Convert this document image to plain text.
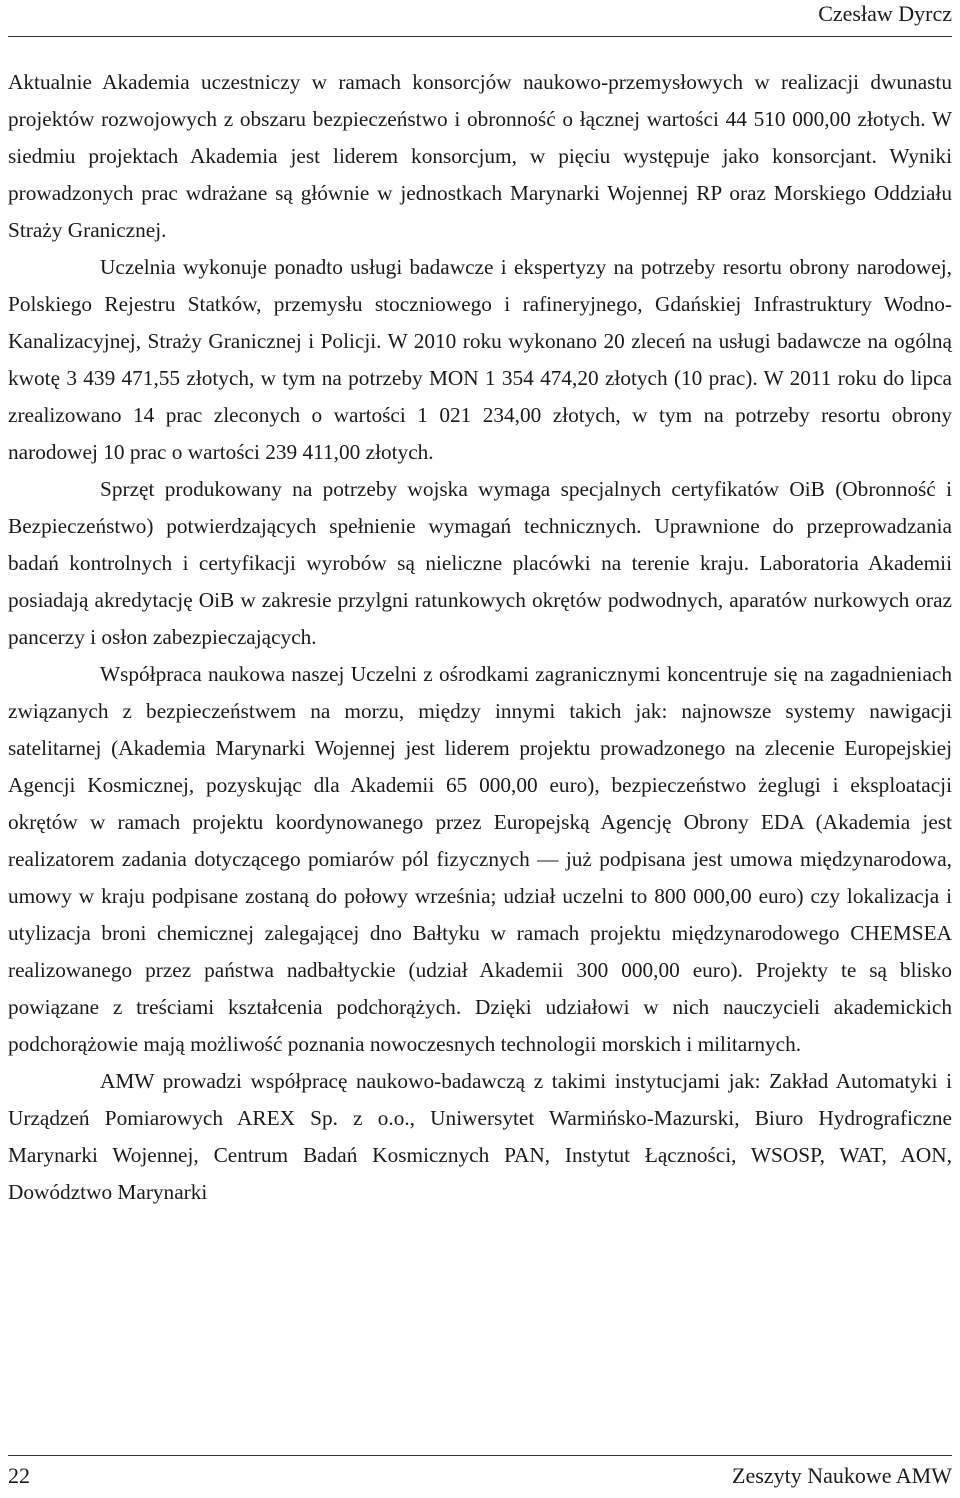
Czesław Dyrcz

Aktualnie Akademia uczestniczy w ramach konsorcjów naukowo-przemysłowych w realizacji dwunastu projektów rozwojowych z obszaru bezpieczeństwo i obronność o łącznej wartości 44 510 000,00 złotych. W siedmiu projektach Akademia jest liderem konsorcjum, w pięciu występuje jako konsorcjant. Wyniki prowadzonych prac wdrażane są głównie w jednostkach Marynarki Wojennej RP oraz Morskiego Oddziału Straży Granicznej.

Uczelnia wykonuje ponadto usługi badawcze i ekspertyzy na potrzeby resortu obrony narodowej, Polskiego Rejestru Statków, przemysłu stoczniowego i rafineryjnego, Gdańskiej Infrastruktury Wodno-Kanalizacyjnej, Straży Granicznej i Policji. W 2010 roku wykonano 20 zleceń na usługi badawcze na ogólną kwotę 3 439 471,55 złotych, w tym na potrzeby MON 1 354 474,20 złotych (10 prac). W 2011 roku do lipca zrealizowano 14 prac zleconych o wartości 1 021 234,00 złotych, w tym na potrzeby resortu obrony narodowej 10 prac o wartości 239 411,00 złotych.

Sprzęt produkowany na potrzeby wojska wymaga specjalnych certyfikatów OiB (Obronność i Bezpieczeństwo) potwierdzających spełnienie wymagań technicznych. Uprawnione do przeprowadzania badań kontrolnych i certyfikacji wyrobów są nieliczne placówki na terenie kraju. Laboratoria Akademii posiadają akredytację OiB w zakresie przylgni ratunkowych okrętów podwodnych, aparatów nurkowych oraz pancerzy i osłon zabezpieczających.

Współpraca naukowa naszej Uczelni z ośrodkami zagranicznymi koncentruje się na zagadnieniach związanych z bezpieczeństwem na morzu, między innymi takich jak: najnowsze systemy nawigacji satelitarnej (Akademia Marynarki Wojennej jest liderem projektu prowadzonego na zlecenie Europejskiej Agencji Kosmicznej, pozyskując dla Akademii 65 000,00 euro), bezpieczeństwo żeglugi i eksploatacji okrętów w ramach projektu koordynowanego przez Europejską Agencję Obrony EDA (Akademia jest realizatorem zadania dotyczącego pomiarów pól fizycznych — już podpisana jest umowa międzynarodowa, umowy w kraju podpisane zostaną do połowy września; udział uczelni to 800 000,00 euro) czy lokalizacja i utylizacja broni chemicznej zalegającej dno Bałtyku w ramach projektu międzynarodowego CHEMSEA realizowanego przez państwa nadbałtyckie (udział Akademii 300 000,00 euro). Projekty te są blisko powiązane z treściami kształcenia podchorążych. Dzięki udziałowi w nich nauczycieli akademickich podchorążowie mają możliwość poznania nowoczesnych technologii morskich i militarnych.

AMW prowadzi współpracę naukowo-badawczą z takimi instytucjami jak: Zakład Automatyki i Urządzeń Pomiarowych AREX Sp. z o.o., Uniwersytet Warmińsko-Mazurski, Biuro Hydrograficzne Marynarki Wojennej, Centrum Badań Kosmicznych PAN, Instytut Łączności, WSOSP, WAT, AON, Dowództwo Marynarki

22	Zeszyty Naukowe AMW
